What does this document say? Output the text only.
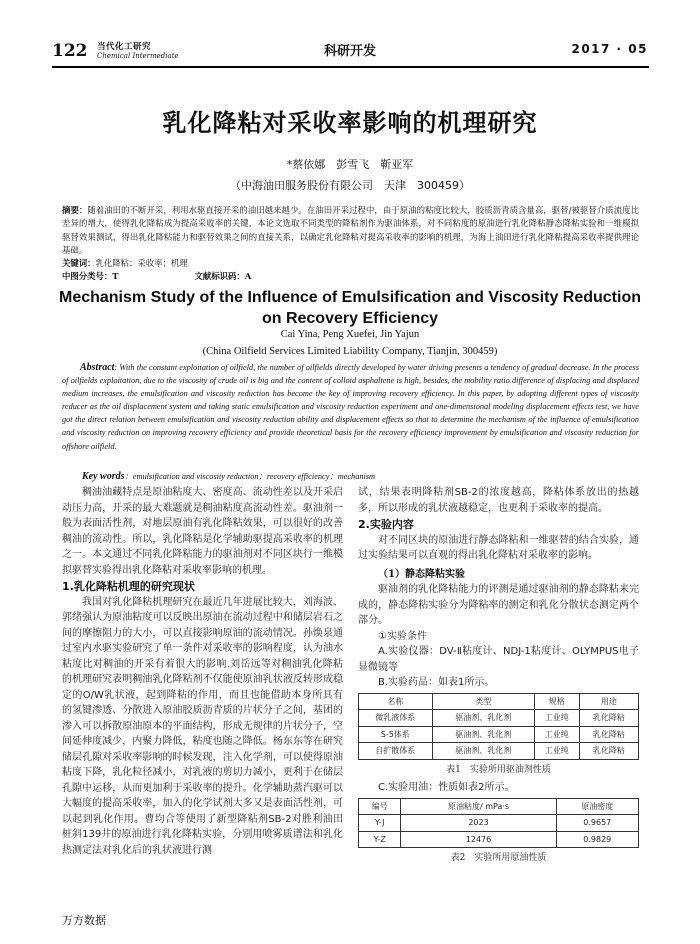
122 当代化工研究
Chemical Intermediate	科研开发	2017 · 05
乳化降粘对采收率影响的机理研究
*蔡依娜　彭雪飞　靳亚军
（中海油田服务股份有限公司　天津　300459）
摘要：随着油田的不断开采，利用水驱直接开采的油田越来越少。在油田开采过程中，由于原油的粘度比较大，胶质沥青质含量高，驱替/被驱替介质流度比差异的增大，使得乳化降粘成为提高采收率的关键，本论文选取不同类型的降粘剂作为驱油体系，对不同粘度的原油进行乳化降粘静态降粘实验和一维模拟驱替效果测试，得出乳化降粘能力和驱替效果之间的直接关系，以确定乳化降粘对提高采收率的影响的机理，为海上油田进行乳化降粘提高采收率提供理论基础。
关键词：乳化降粘；采收率；机理
中图分类号：T	文献标识码：A
Mechanism Study of the Influence of Emulsification and Viscosity Reduction on Recovery Efficiency
Cai Yina, Peng Xuefei, Jin Yajun
(China Oilfield Services Limited Liability Company, Tianjin, 300459)
Abstract: With the constant exploitation of oilfield, the number of oilfields directly developed by water driving presents a tendency of gradual decrease. In the process of oilfields exploitation, due to the viscosity of crude oil is big and the content of colloid asphaltene is high, besides, the mobility ratio difference of displacing and displaced medium increases, the emulsification and viscosity reduction has become the key of improving recovery efficiency. In this paper, by adopting different types of viscosity reducer as the oil displacement system and taking static emulsification and viscosity reduction experiment and one-dimensional modeling displacement effects test, we have got the direct relation between emulsification and viscosity reduction ability and displacement effects so that to determine the mechanism of the influence of emulsification and viscosity reduction on improving recovery efficiency and provide theoretical basis for the recovery efficiency improvement by emulsification and viscosity reduction for offshore oilfield.
Key words：emulsification and viscosity reduction；recovery efficiency；mechanism

稠油油藏特点是原油粘度大、密度高、流动性差以及开采启动压力高，开采的最大难题就是稠油粘度高流动性差。驱油剂一般为表面活性剂，对地层原油有乳化降粘效果，可以很好的改善稠油的流动性。所以，乳化降粘是化学辅助驱提高采收率的机理之一。本文通过不同乳化降粘能力的驱油剂对不同区块行一维模拟驱替实验得出乳化降粘对采收率影响的机理。

1.乳化降粘机理的研究现状

我国对乳化降粘机理研究在最近几年进展比较大，刘海波、郭绪强认为原油粘度可以反映出原油在流动过程中和储层岩石之间的摩擦阻力的大小，可以直接影响原油的流动情况。孙焕泉通过室内水驱实验研究了单一条件对采收率的影响程度，认为油水粘度比对稠油的开采有着很大的影响.刘岳远等对稠油乳化降粘的机理研究表明稠油乳化降粘剂不仅能使原油乳状液反转形成稳定的O/W乳状液，起到降粘的作用，而且也能借助本身所具有的氢键渗透、分散进入原油胶质沥青质的片状分子之间，基团的渗入可以拆散原油原本的平面结构，形成无规律的片状分子，空间延伸度减少，内聚力降低，粘度也随之降低。杨东东等在研究储层孔隙对采收率影响的时候发现，注入化学剂，可以使得原油粘度下降，乳化粒径减小，对乳液的剪切力减小，更利于在储层孔隙中运移，从而更加利于采收率的提升。化学辅助蒸汽驱可以大幅度的提高采收率，加入的化学试剂大多又是表面活性剂，可以起到乳化作用。曹均合等使用了新型降粘剂SB-2对胜利油田桩斜139井的原油进行乳化降粘实验，分别用喷雾质谱法和乳化热测定法对乳化后的乳状液进行测

试，结果表明降粘剂SB-2的浓度越高，降粘体系放出的热越多，所以形成的乳状液越稳定，也更利于采收率的提高。

2.实验内容

对不同区块的原油进行静态降粘和一维驱替的结合实验，通过实验结果可以直观的得出乳化降粘对采收率的影响。

（1）静态降粘实验

驱油剂的乳化降粘能力的评测是通过驱油剂的静态降粘来完成的，静态降粘实验分为降粘率的测定和乳化分散状态测定两个部分。

①实验条件

A.实验仪器：DV-Ⅱ粘度计、NDJ-1粘度计、OLYMPUS电子显微镜等

B.实验药品：如表1所示。

名称	类型	规格	用途
微乳液体系	驱油剂、乳化剂	工业纯	乳化降粘
S-5体系	驱油剂、乳化剂	工业纯	乳化降粘
自扩散体系	驱油剂、乳化剂	工业纯	乳化降粘

表1　实验所用驱油剂性质

C.实验用油：性质如表2所示。

编号	原油粘度/ mPa·s	原油密度
Y-J	2023	0.9657
Y-Z	12476	0.9829

表2　实验所用原油性质

万方数据
